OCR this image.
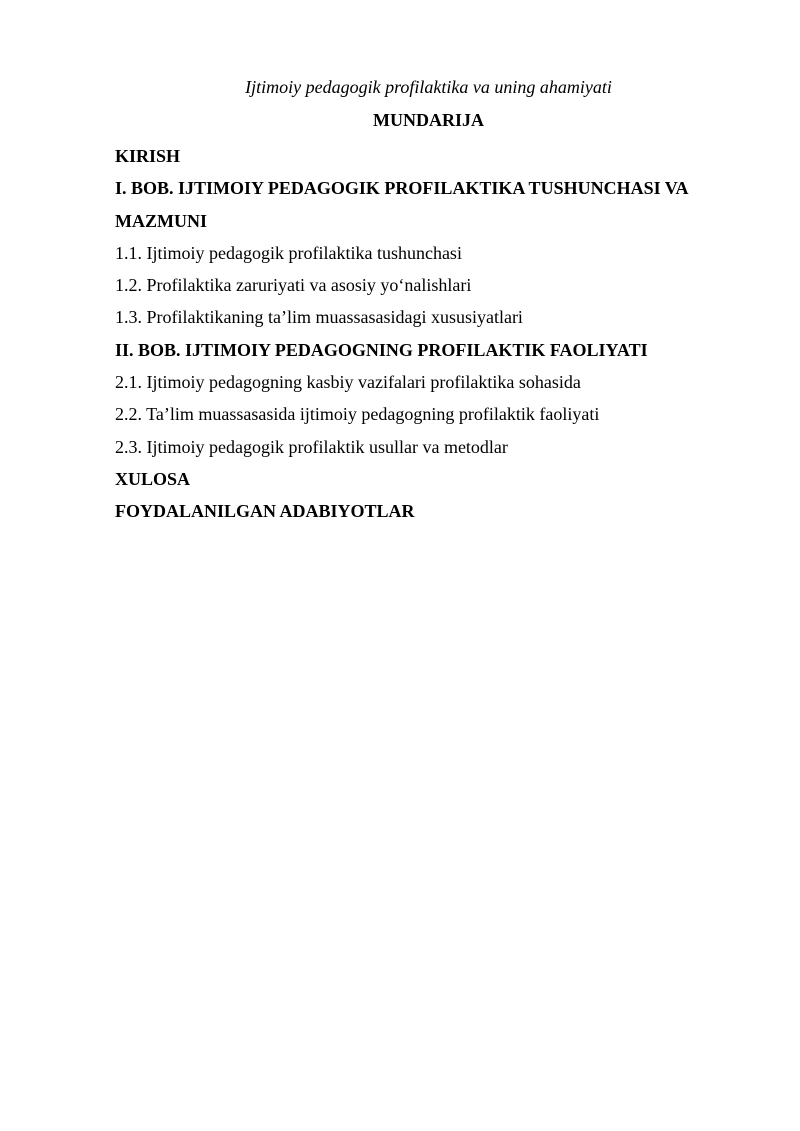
Ijtimoiy pedagogik profilaktika va uning ahamiyati
MUNDARIJA
KIRISH
I. BOB. IJTIMOIY PEDAGOGIK PROFILAKTIKA TUSHUNCHASI VA
MAZMUNI
1.1. Ijtimoiy pedagogik profilaktika tushunchasi
1.2. Profilaktika zaruriyati va asosiy yo‘nalishlari
1.3. Profilaktikaning ta’lim muassasasidagi xususiyatlari
II. BOB. IJTIMOIY PEDAGOGNING PROFILAKTIK FAOLIYATI
2.1. Ijtimoiy pedagogning kasbiy vazifalari profilaktika sohasida
2.2. Ta’lim muassasasida ijtimoiy pedagogning profilaktik faoliyati
2.3. Ijtimoiy pedagogik profilaktik usullar va metodlar
XULOSA
FOYDALANILGAN ADABIYOTLAR
